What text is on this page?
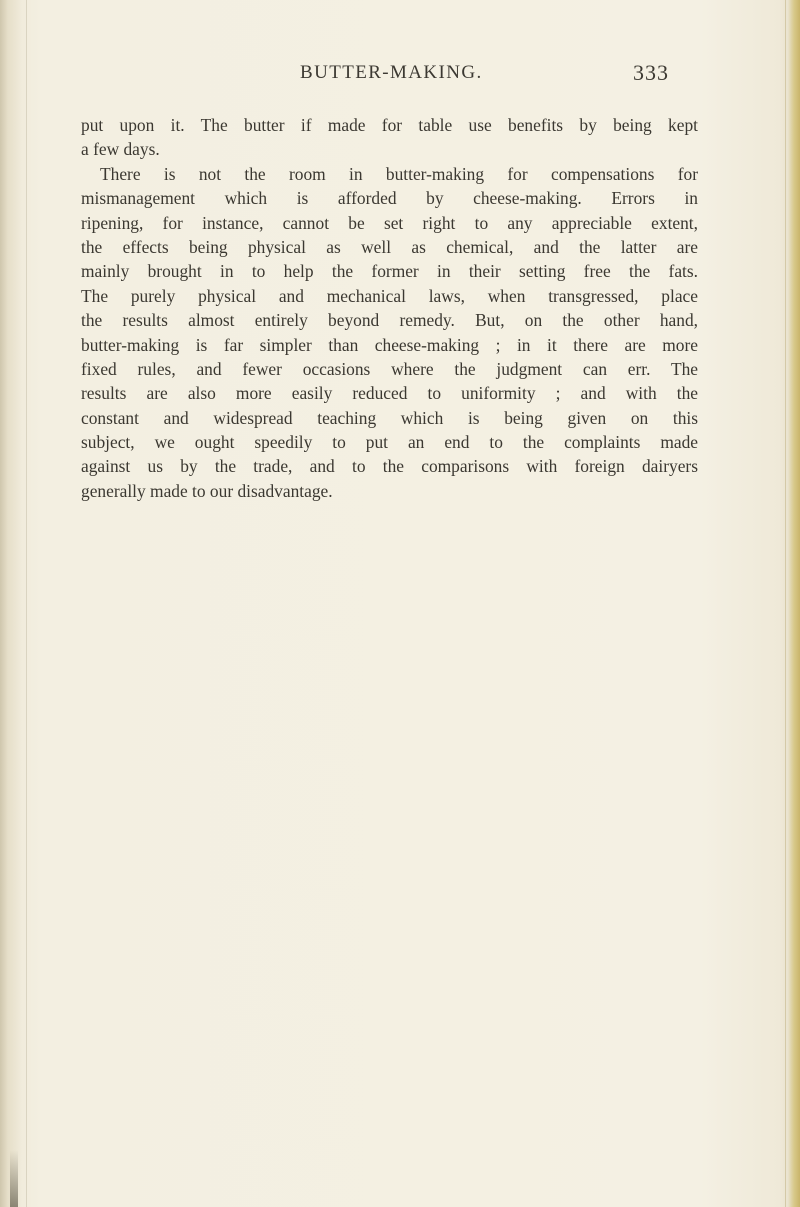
BUTTER-MAKING.	333
put upon it. The butter if made for table use benefits by being kept
a few days.
There is not the room in butter-making for compensations for
mismanagement which is afforded by cheese-making. Errors in
ripening, for instance, cannot be set right to any appreciable extent,
the effects being physical as well as chemical, and the latter are
mainly brought in to help the former in their setting free the fats.
The purely physical and mechanical laws, when transgressed, place
the results almost entirely beyond remedy. But, on the other hand,
butter-making is far simpler than cheese-making ; in it there are more
fixed rules, and fewer occasions where the judgment can err. The
results are also more easily reduced to uniformity ; and with the
constant and widespread teaching which is being given on this
subject, we ought speedily to put an end to the complaints made
against us by the trade, and to the comparisons with foreign dairyers
generally made to our disadvantage.
